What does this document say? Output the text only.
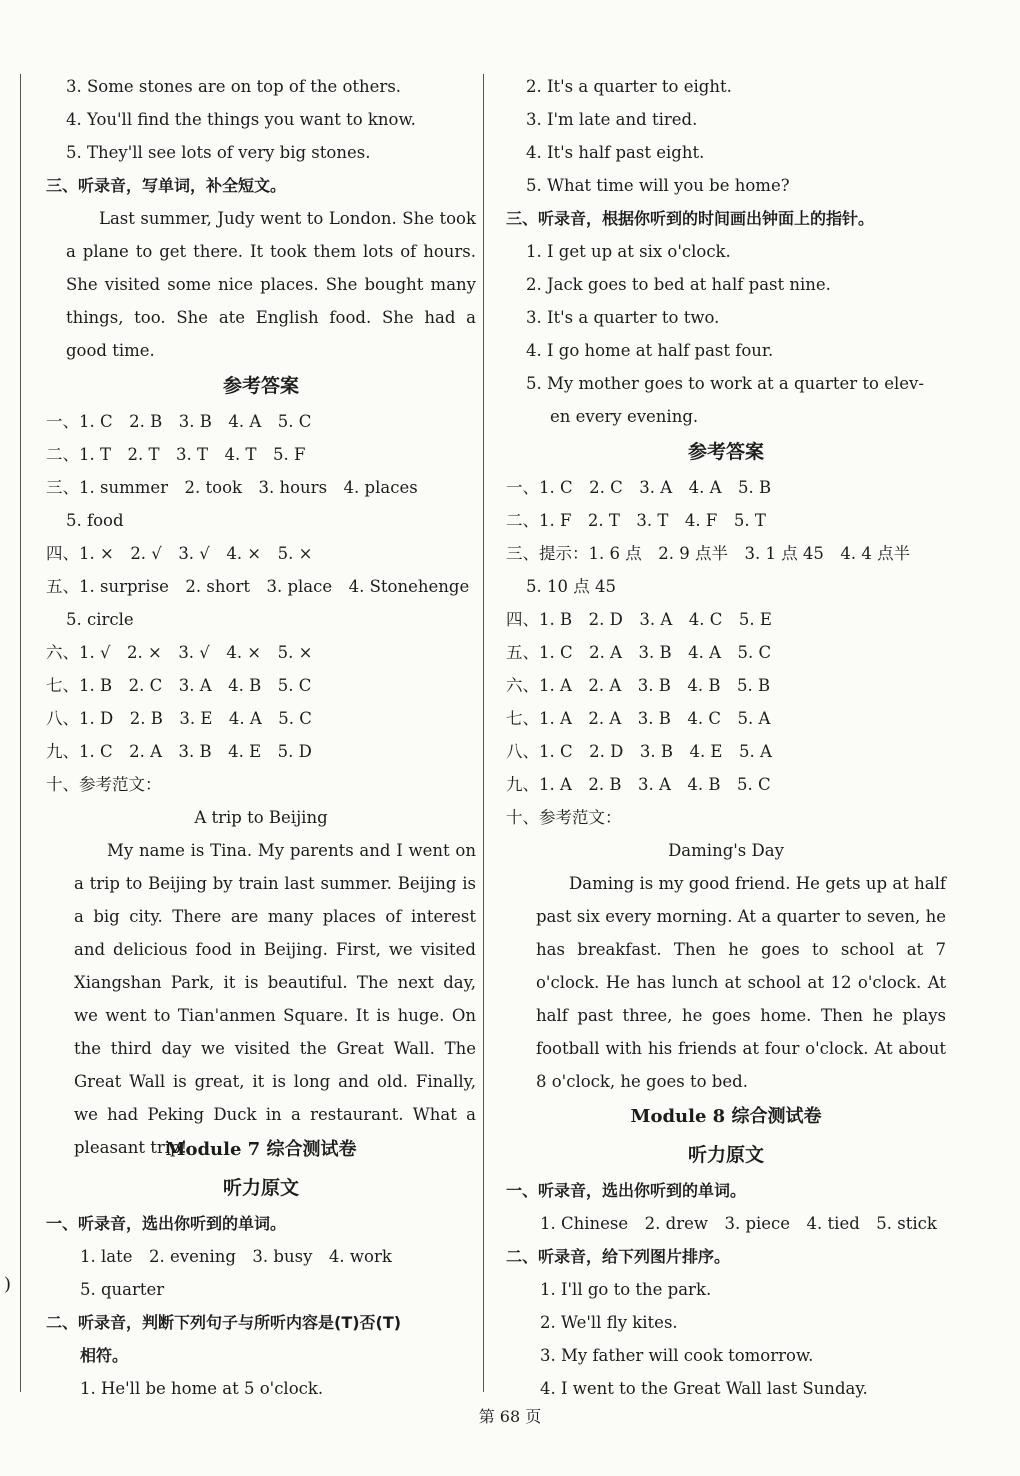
)
3. Some stones are on top of the others.
4. You'll find the things you want to know.
5. They'll see lots of very big stones.
三、听录音，写单词，补全短文。
Last summer, Judy went to London. She took a plane to get there. It took them lots of hours. She visited some nice places. She bought many things, too. She ate English food. She had a good time.
参考答案
一、1. C　2. B　3. B　4. A　5. C
二、1. T　2. T　3. T　4. T　5. F
三、1. summer　2. took　3. hours　4. places
5. food
四、1. ×　2. √　3. √　4. ×　5. ×
五、1. surprise　2. short　3. place　4. Stonehenge
5. circle
六、1. √　2. ×　3. √　4. ×　5. ×
七、1. B　2. C　3. A　4. B　5. C
八、1. D　2. B　3. E　4. A　5. C
九、1. C　2. A　3. B　4. E　5. D
十、参考范文：
A trip to Beijing
My name is Tina. My parents and I went on a trip to Beijing by train last summer. Beijing is a big city. There are many places of interest and delicious food in Beijing. First, we visited Xiangshan Park, it is beautiful. The next day, we went to Tian'anmen Square. It is huge. On the third day we visited the Great Wall. The Great Wall is great, it is long and old. Finally, we had Peking Duck in a restaurant. What a pleasant trip!
Module 7 综合测试卷
听力原文
一、听录音，选出你听到的单词。
1. late　2. evening　3. busy　4. work
5. quarter
二、听录音，判断下列句子与所听内容是(T)否(T)
相符。
1. He'll be home at 5 o'clock.
2. It's a quarter to eight.
3. I'm late and tired.
4. It's half past eight.
5. What time will you be home?
三、听录音，根据你听到的时间画出钟面上的指针。
1. I get up at six o'clock.
2. Jack goes to bed at half past nine.
3. It's a quarter to two.
4. I go home at half past four.
5. My mother goes to work at a quarter to elev-
en every evening.
参考答案
一、1. C　2. C　3. A　4. A　5. B
二、1. F　2. T　3. T　4. F　5. T
三、提示：1. 6 点　2. 9 点半　3. 1 点 45　4. 4 点半
5. 10 点 45
四、1. B　2. D　3. A　4. C　5. E
五、1. C　2. A　3. B　4. A　5. C
六、1. A　2. A　3. B　4. B　5. B
七、1. A　2. A　3. B　4. C　5. A
八、1. C　2. D　3. B　4. E　5. A
九、1. A　2. B　3. A　4. B　5. C
十、参考范文：
Daming's Day
Daming is my good friend. He gets up at half past six every morning. At a quarter to seven, he has breakfast. Then he goes to school at 7 o'clock. He has lunch at school at 12 o'clock. At half past three, he goes home. Then he plays football with his friends at four o'clock. At about 8 o'clock, he goes to bed.
Module 8 综合测试卷
听力原文
一、听录音，选出你听到的单词。
1. Chinese　2. drew　3. piece　4. tied　5. stick
二、听录音，给下列图片排序。
1. I'll go to the park.
2. We'll fly kites.
3. My father will cook tomorrow.
4. I went to the Great Wall last Sunday.
第 68 页
